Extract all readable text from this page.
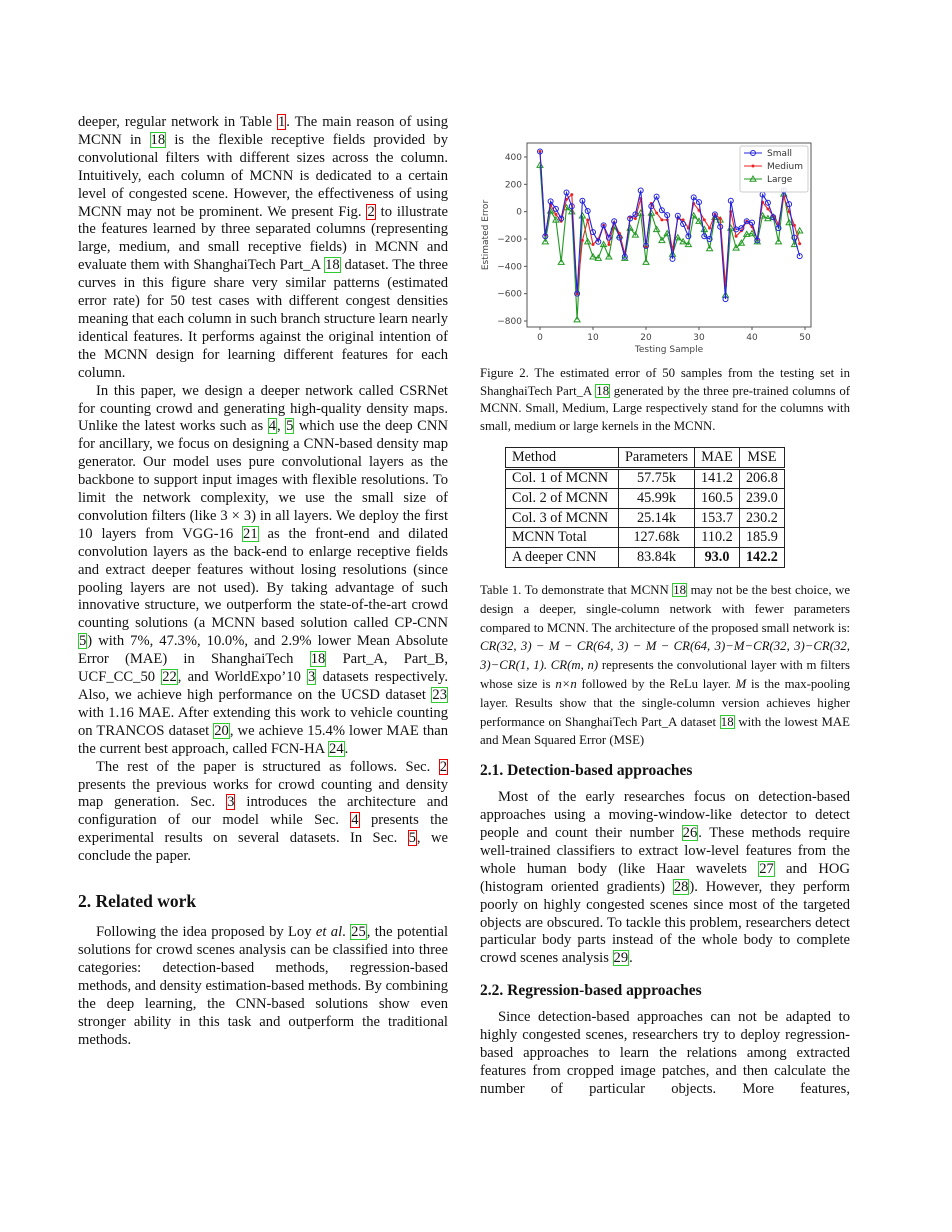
deeper, regular network in Table 1. The main reason of using MCNN in 18 is the flexible receptive fields provided by convolutional filters with different sizes across the column. Intuitively, each column of MCNN is dedicated to a certain level of congested scene. However, the effectiveness of using MCNN may not be prominent. We present Fig. 2 to illustrate the features learned by three separated columns (representing large, medium, and small receptive fields) in MCNN and evaluate them with ShanghaiTech Part_A 18 dataset. The three curves in this figure share very similar patterns (estimated error rate) for 50 test cases with different congest densities meaning that each column in such branch structure learn nearly identical features. It performs against the original intention of the MCNN design for learning different features for each column.

In this paper, we design a deeper network called CSRNet for counting crowd and generating high-quality density maps. Unlike the latest works such as 4, 5 which use the deep CNN for ancillary, we focus on designing a CNN-based density map generator. Our model uses pure convolutional layers as the backbone to support input images with flexible resolutions. To limit the network complexity, we use the small size of convolution filters (like 3 × 3) in all layers. We deploy the first 10 layers from VGG-16 21 as the front-end and dilated convolution layers as the back-end to enlarge receptive fields and extract deeper features without losing resolutions (since pooling layers are not used). By taking advantage of such innovative structure, we outperform the state-of-the-art crowd counting solutions (a MCNN based solution called CP-CNN 5) with 7%, 47.3%, 10.0%, and 2.9% lower Mean Absolute Error (MAE) in ShanghaiTech 18 Part_A, Part_B, UCF_CC_50 22, and WorldExpo’10 3 datasets respectively. Also, we achieve high performance on the UCSD dataset 23 with 1.16 MAE. After extending this work to vehicle counting on TRANCOS dataset 20, we achieve 15.4% lower MAE than the current best approach, called FCN-HA 24.

The rest of the paper is structured as follows. Sec. 2 presents the previous works for crowd counting and density map generation. Sec. 3 introduces the architecture and configuration of our model while Sec. 4 presents the experimental results on several datasets. In Sec. 5, we conclude the paper.

2. Related work

Following the idea proposed by Loy et al. 25, the potential solutions for crowd scenes analysis can be classified into three categories: detection-based methods, regression-based methods, and density estimation-based methods. By combining the deep learning, the CNN-based solutions show even stronger ability in this task and outperform the traditional methods.

0	10	20	30	40	50
400
200
0
−200
−400
−600
−800
Testing Sample
Estimated Error
Small
Medium
Large

Figure 2. The estimated error of 50 samples from the testing set in ShanghaiTech Part_A 18 generated by the three pre-trained columns of MCNN. Small, Medium, Large respectively stand for the columns with small, medium or large kernels in the MCNN.

Method	Parameters	MAE	MSE
Col. 1 of MCNN	57.75k	141.2	206.8
Col. 2 of MCNN	45.99k	160.5	239.0
Col. 3 of MCNN	25.14k	153.7	230.2
MCNN Total	127.68k	110.2	185.9
A deeper CNN	83.84k	93.0	142.2

Table 1. To demonstrate that MCNN 18 may not be the best choice, we design a deeper, single-column network with fewer parameters compared to MCNN. The architecture of the proposed small network is: CR(32, 3) − M − CR(64, 3) − M − CR(64, 3)−M−CR(32, 3)−CR(32, 3)−CR(1, 1). CR(m, n) represents the convolutional layer with m filters whose size is n×n followed by the ReLu layer. M is the max-pooling layer. Results show that the single-column version achieves higher performance on ShanghaiTech Part_A dataset 18 with the lowest MAE and Mean Squared Error (MSE)

2.1. Detection-based approaches

Most of the early researches focus on detection-based approaches using a moving-window-like detector to detect people and count their number 26. These methods require well-trained classifiers to extract low-level features from the whole human body (like Haar wavelets 27 and HOG (histogram oriented gradients) 28). However, they perform poorly on highly congested scenes since most of the targeted objects are obscured. To tackle this problem, researchers detect particular body parts instead of the whole body to complete crowd scenes analysis 29.

2.2. Regression-based approaches

Since detection-based approaches can not be adapted to highly congested scenes, researchers try to deploy regression-based approaches to learn the relations among extracted features from cropped image patches, and then calculate the number of particular objects. More features,
